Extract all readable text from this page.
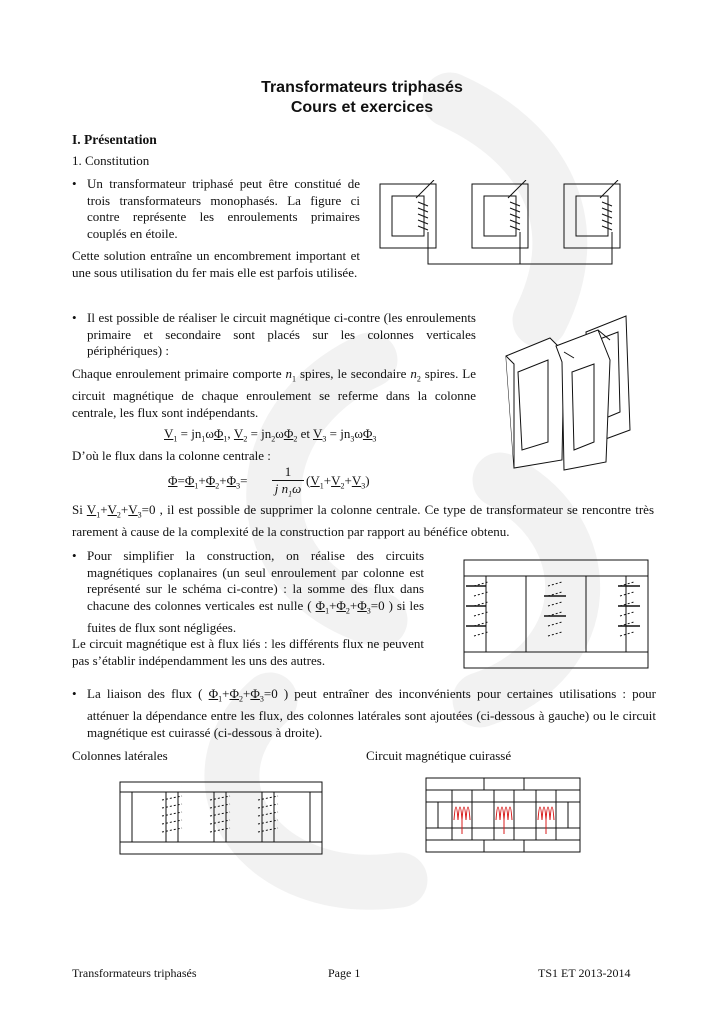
Transformateurs triphasés
Cours et exercices
I. Présentation
1. Constitution
• Un transformateur triphasé peut être constitué de trois transformateurs monophasés. La figure ci contre représente les enroulements primaires couplés en étoile.

Cette solution entraîne un encombrement important et une sous utilisation du fer mais elle est parfois utilisée.

• Il est possible de réaliser le circuit magnétique ci-contre (les enroulements primaire et secondaire sont placés sur les colonnes verticales périphériques) :

Chaque enroulement primaire comporte $n_1$ spires, le secondaire $n_2$ spires. Le circuit magnétique de chaque enroulement se referme dans la colonne centrale, les flux sont indépendants.

$V_1 = jn_1\omega\Phi_1$, $V_2 = jn_2\omega\Phi_2$ et $V_3 = jn_3\omega\Phi_3$

D’où le flux dans la colonne centrale :

$\Phi=\Phi_1+\Phi_2+\Phi_3=$
1
j $n_1\omega$
$(V_1+V_2+V_3)$

Si $V_1+V_2+V_3=0$ , il est possible de supprimer la colonne centrale. Ce type de transformateur se rencontre très rarement à cause de la complexité de la construction par rapport au bénéfice obtenu.

• Pour simplifier la construction, on réalise des circuits magnétiques coplanaires (un seul enroulement par colonne est représenté sur le schéma ci-contre) : la somme des flux dans chacune des colonnes verticales est nulle ( $\Phi_1+\Phi_2+\Phi_3=0$ ) si les fuites de flux sont négligées.

Le circuit magnétique est à flux liés : les différents flux ne peuvent pas s’établir indépendamment les uns des autres.

• La liaison des flux ( $\Phi_1+\Phi_2+\Phi_3=0$ ) peut entraîner des inconvénients pour certaines utilisations : pour atténuer la dépendance entre les flux, des colonnes latérales sont ajoutées (ci-dessous à gauche) ou le circuit magnétique est cuirassé (ci-dessous à droite).

Colonnes latérales	Circuit magnétique cuirassé
Transformateurs triphasés	Page 1	TS1 ET 2013-2014
